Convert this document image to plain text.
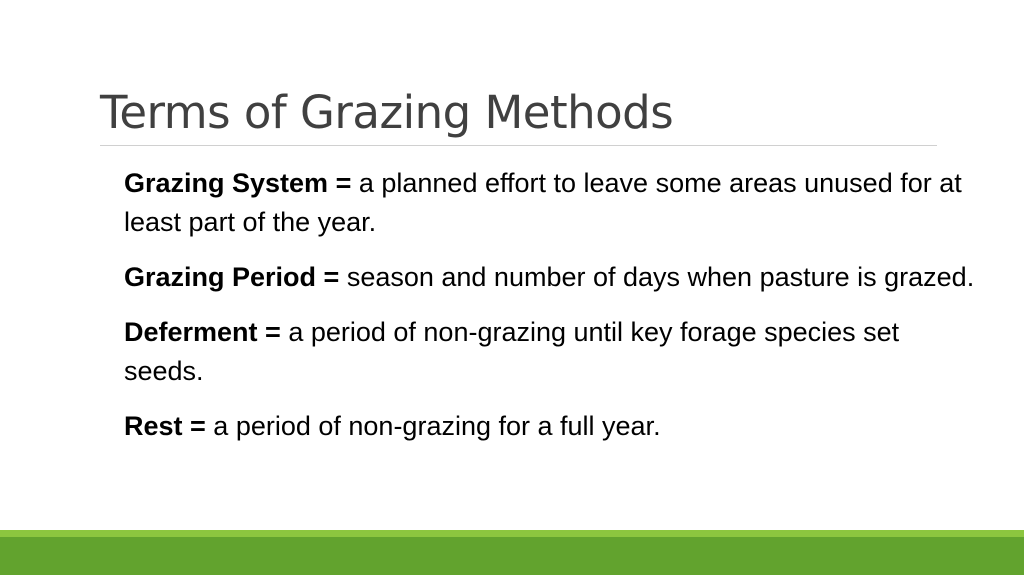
Terms of Grazing Methods

Grazing System = a planned effort to leave some areas unused for at least part of the year.

Grazing Period = season and number of days when pasture is grazed.

Deferment = a period of non-grazing until key forage species set seeds.

Rest = a period of non-grazing for a full year.
